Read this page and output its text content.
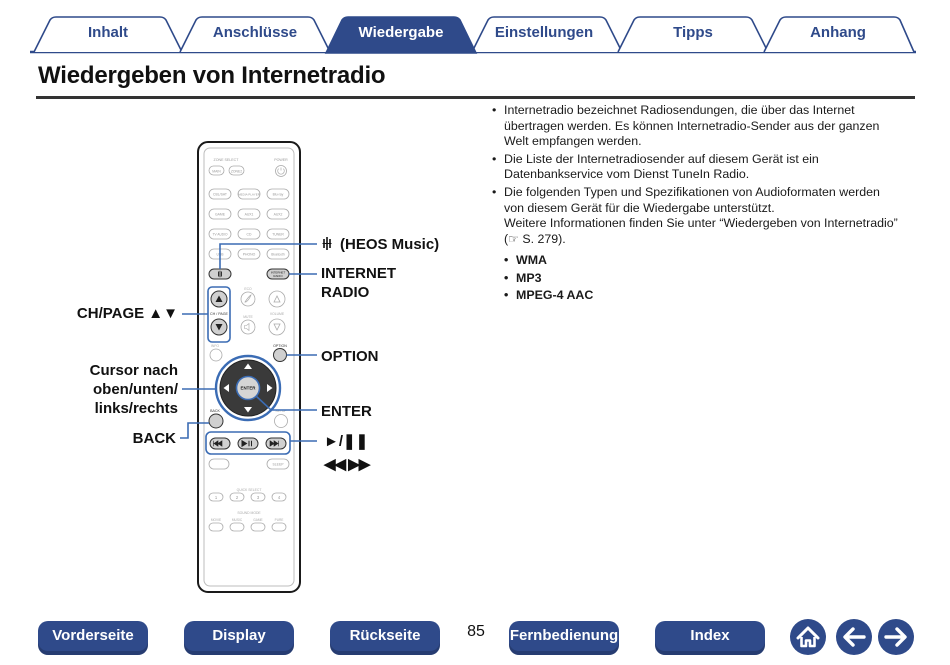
Inhalt	Anschlüsse	Wiedergabe	Einstellungen	Tipps	Anhang
Wiedergeben von Internetradio
• Internetradio bezeichnet Radiosendungen, die über das Internet übertragen werden. Es können Internetradio-Sender aus der ganzen Welt empfangen werden.
• Die Liste der Internetradiosender auf diesem Gerät ist ein Datenbankservice vom Dienst TuneIn Radio.
• Die folgenden Typen und Spezifikationen von Audioformaten werden von diesem Gerät für die Wiedergabe unterstützt.
Weitere Informationen finden Sie unter “Wiedergeben von Internetradio” (☞ S. 279).
• WMA
• MP3
• MPEG-4 AAC
ZONE SELECT	POWER
MAIN	ZONE2
CBL/SAT	MEDIA PLAYER	Blu-ray
GAME	AUX1	AUX2
TV AUDIO	CD	TUNER
USB	PHONO	Bluetooth
INTERNET
RADIO
CH / PAGE
ECO
MUTE
VOLUME
INFO	OPTION
ENTER
BACK	SETUP
SLEEP
QUICK SELECT
1	2	3	4
SOUND MODE
MOVIE	MUSIC	GAME	PURE
(HEOS Music)
INTERNET
RADIO
CH/PAGE ▲▼
OPTION
Cursor nach
oben/unten/
links/rechts	ENTER
BACK	►/❚❚
◀◀ ▶▶
Vorderseite	Display	Rückseite	85	Fernbedienung	Index
